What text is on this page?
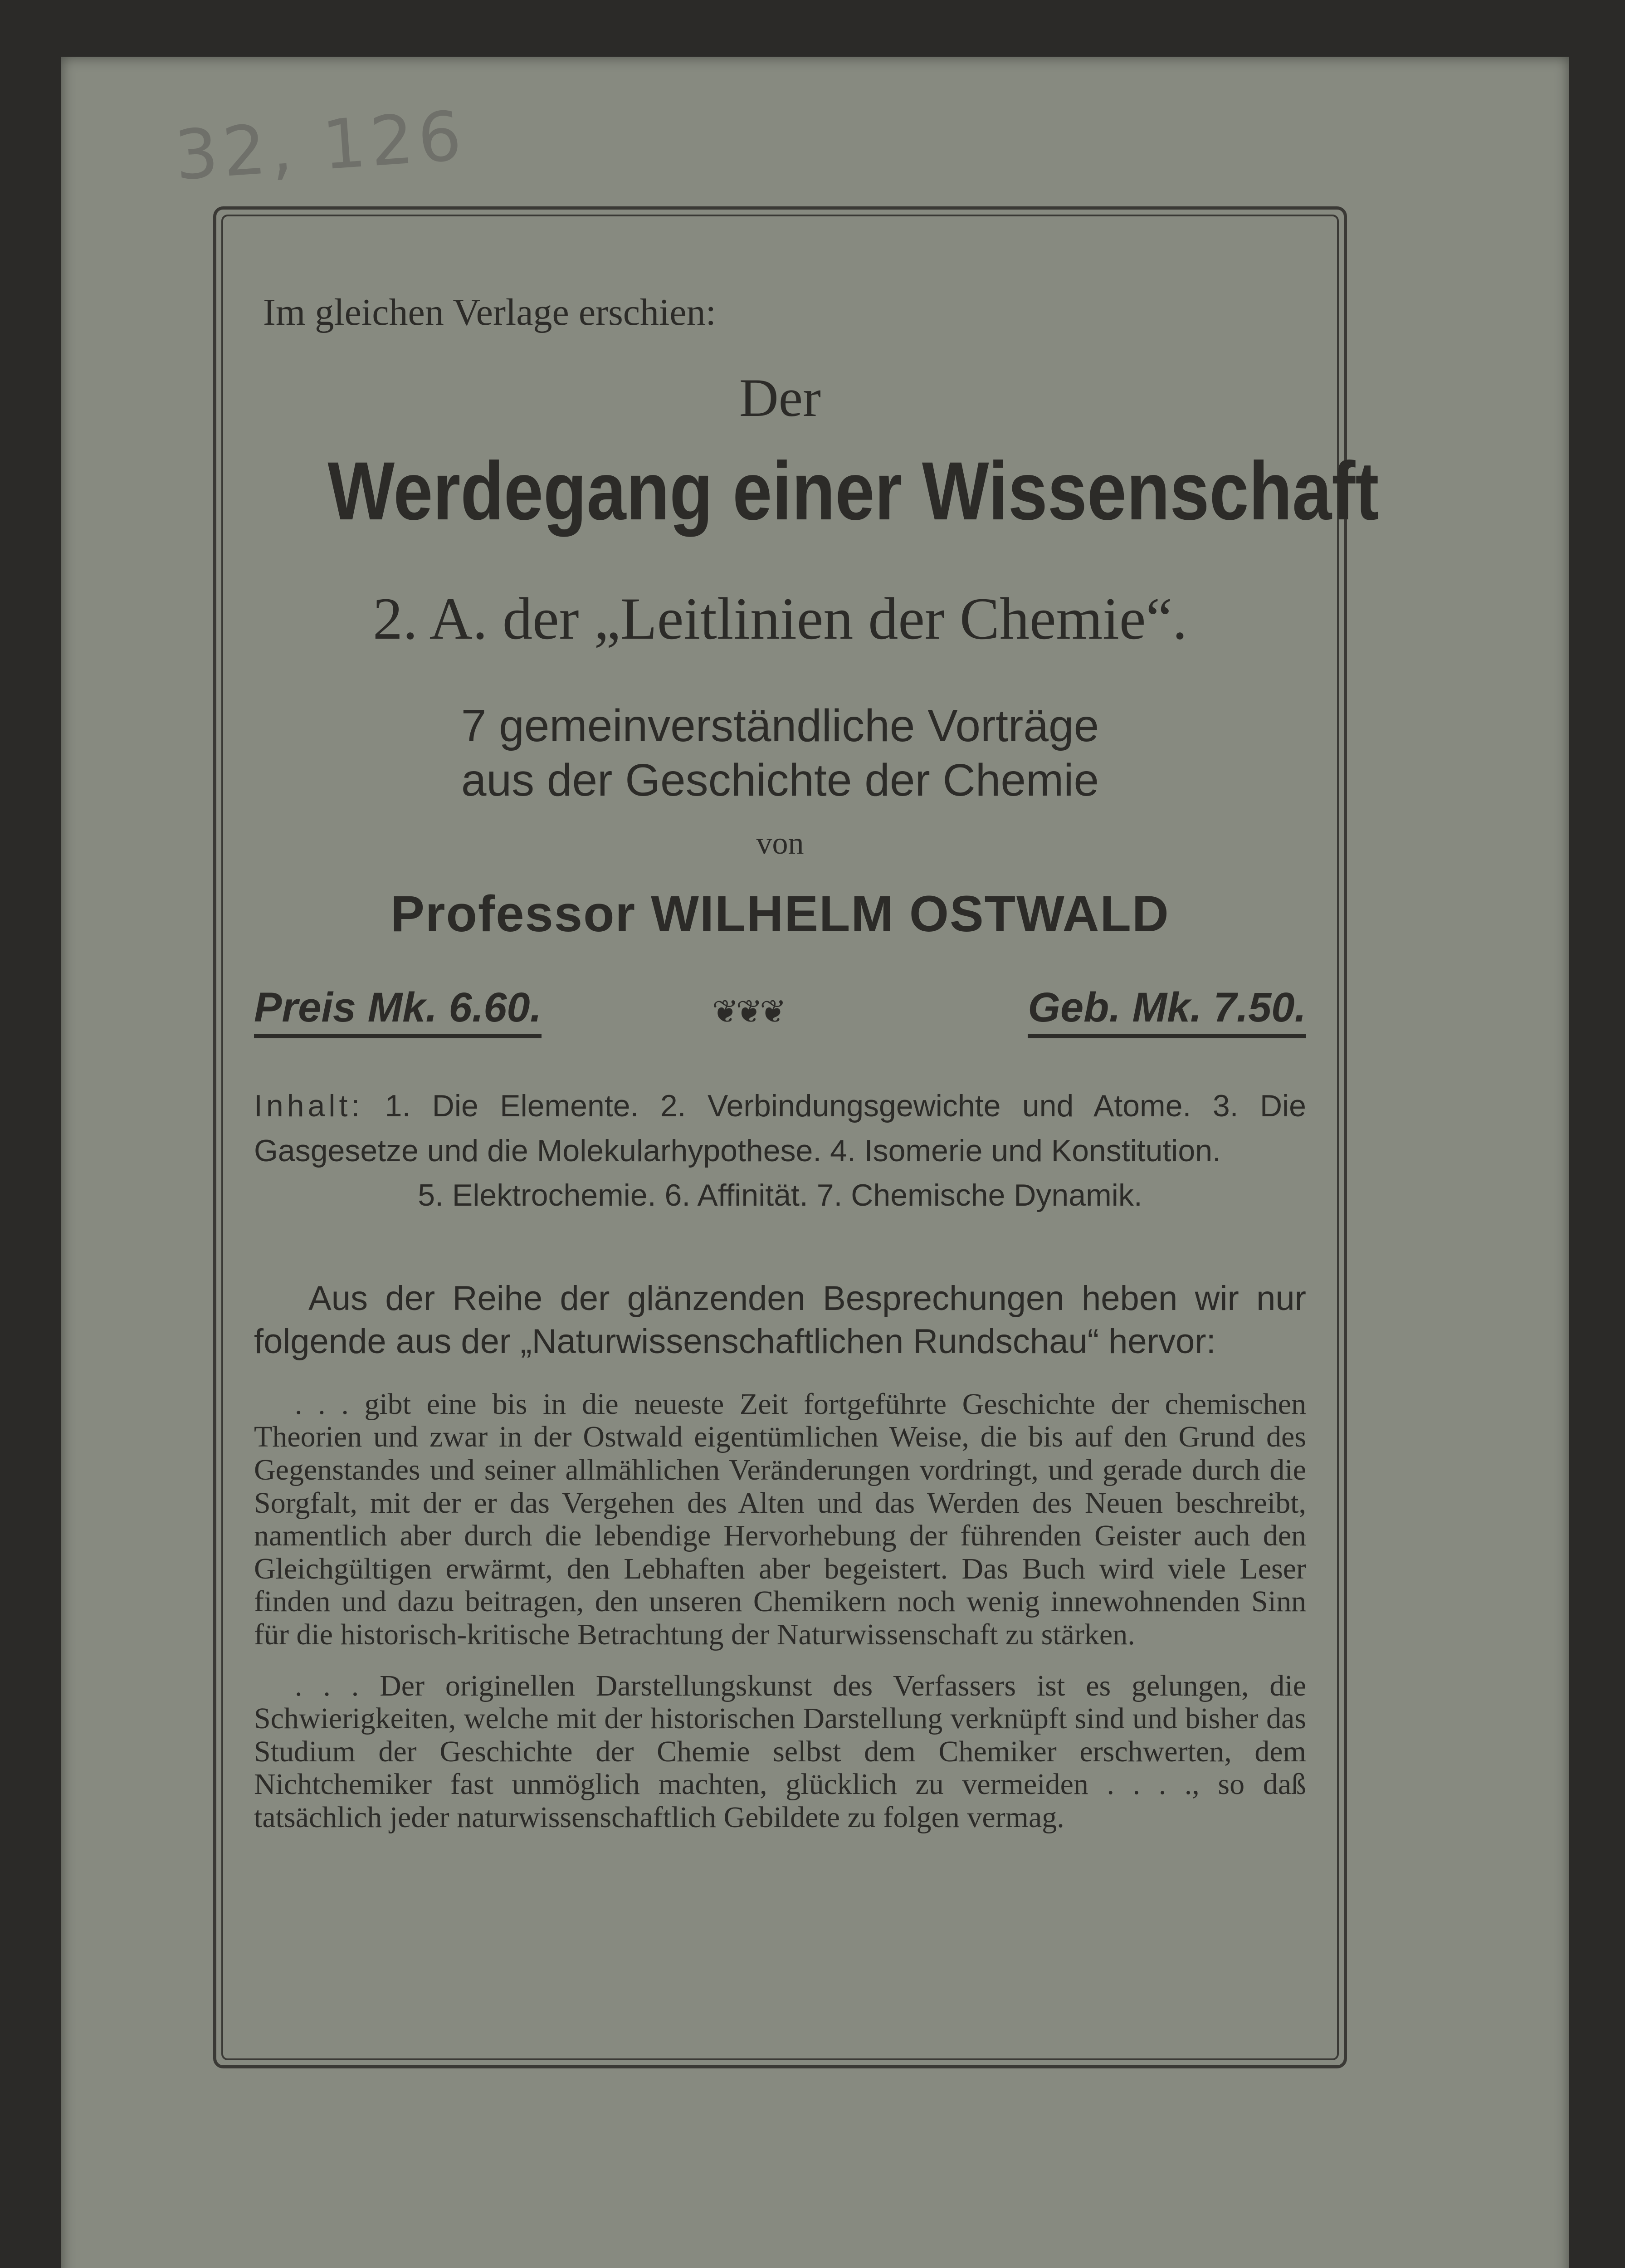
32, 126
Im gleichen Verlage erschien:
Der
Werdegang einer Wissenschaft
2. A. der „Leitlinien der Chemie“.
7 gemeinverständliche Vorträge
aus der Geschichte der Chemie
von
Professor WILHELM OSTWALD
Preis Mk. 6.60.	❦❦❦	Geb. Mk. 7.50.
Inhalt: 1. Die Elemente. 2. Verbindungsgewichte und Atome. 3. Die Gasgesetze und die Molekularhypothese. 4. Isomerie und Konstitution.
5. Elektrochemie. 6. Affinität. 7. Chemische Dynamik.
Aus der Reihe der glänzenden Besprechungen heben wir nur folgende aus der „Naturwissenschaftlichen Rundschau“ hervor:
. . . gibt eine bis in die neueste Zeit fortgeführte Geschichte der chemischen Theorien und zwar in der Ostwald eigentümlichen Weise, die bis auf den Grund des Gegenstandes und seiner allmählichen Veränderungen vordringt, und gerade durch die Sorgfalt, mit der er das Vergehen des Alten und das Werden des Neuen beschreibt, namentlich aber durch die lebendige Hervorhebung der führenden Geister auch den Gleichgültigen erwärmt, den Lebhaften aber begeistert. Das Buch wird viele Leser finden und dazu beitragen, den unseren Chemikern noch wenig innewohnenden Sinn für die historisch-kritische Betrachtung der Naturwissenschaft zu stärken.
. . . Der originellen Darstellungskunst des Verfassers ist es gelungen, die Schwierigkeiten, welche mit der historischen Darstellung verknüpft sind und bisher das Studium der Geschichte der Chemie selbst dem Chemiker erschwerten, dem Nichtchemiker fast unmöglich machten, glücklich zu vermeiden . . . ., so daß tatsächlich jeder naturwissenschaftlich Gebildete zu folgen vermag.
